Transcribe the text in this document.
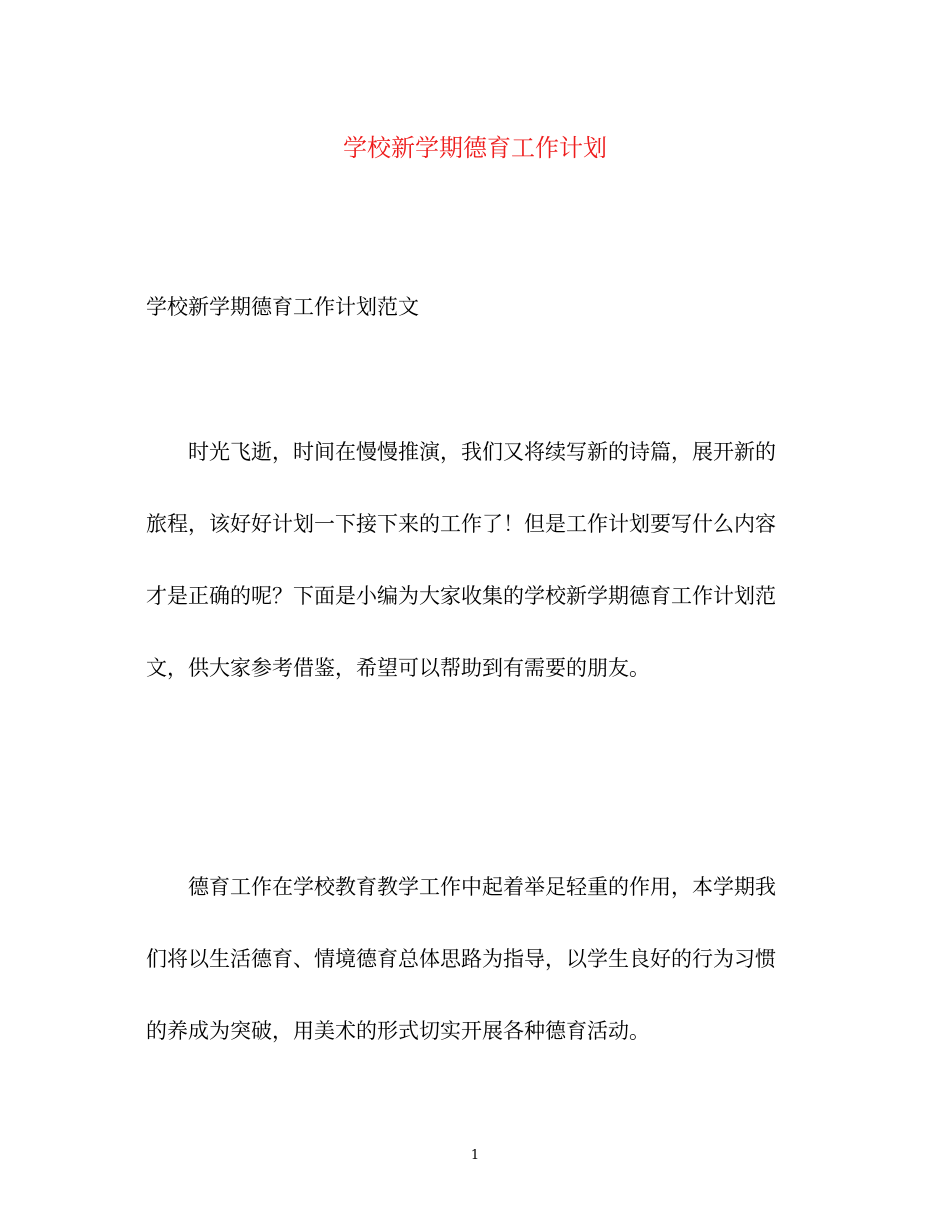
学校新学期德育工作计划
学校新学期德育工作计划范文
时光飞逝，时间在慢慢推演，我们又将续写新的诗篇，展开新的
旅程，该好好计划一下接下来的工作了！但是工作计划要写什么内容
才是正确的呢？下面是小编为大家收集的学校新学期德育工作计划范
文，供大家参考借鉴，希望可以帮助到有需要的朋友。
德育工作在学校教育教学工作中起着举足轻重的作用，本学期我
们将以生活德育、情境德育总体思路为指导，以学生良好的行为习惯
的养成为突破，用美术的形式切实开展各种德育活动。
1
